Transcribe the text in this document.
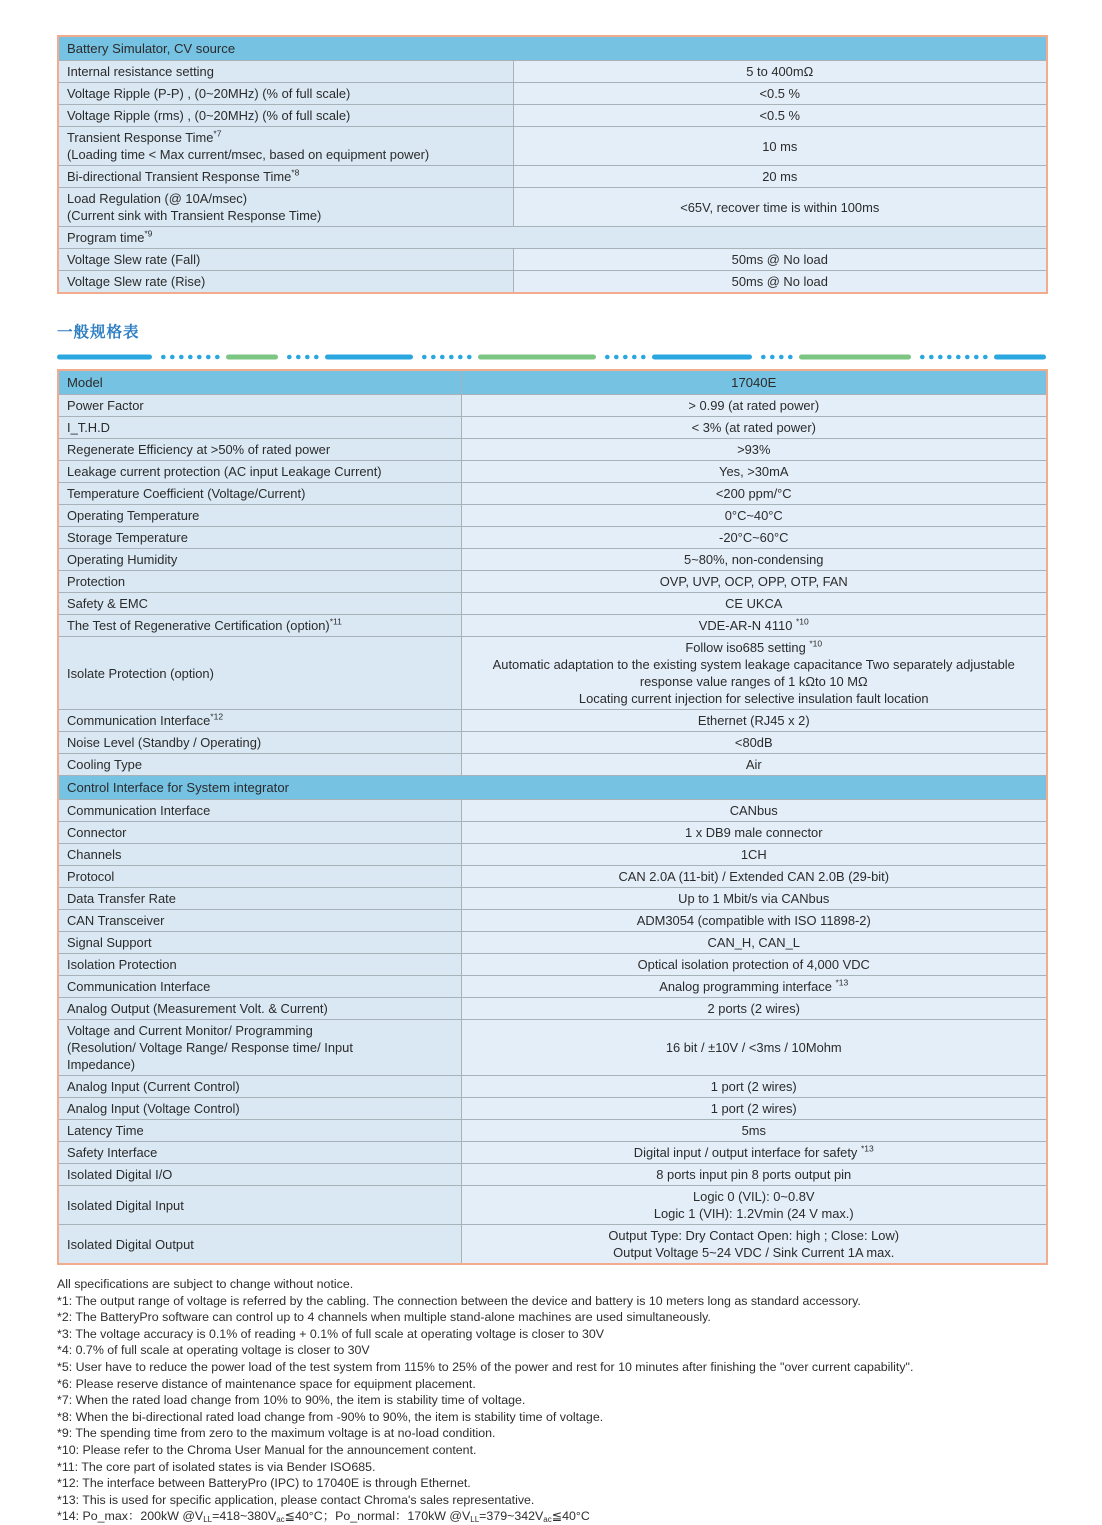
Battery Simulator, CV source	
Internal resistance setting	5 to 400mΩ
Voltage Ripple (P-P) , (0~20MHz) (% of full scale)	<0.5 %
Voltage Ripple (rms) , (0~20MHz) (% of full scale)	<0.5 %
Transient Response Time$^{*7}$
(Loading time < Max current/msec, based on equipment power)	10 ms
Bi-directional Transient Response Time$^{*8}$	20 ms
Load Regulation (@ 10A/msec)
(Current sink with Transient Response Time)	<65V, recover time is within 100ms
Program time$^{*9}$
Voltage Slew rate (Fall)	50ms @ No load
Voltage Slew rate (Rise)	50ms @ No load
一般规格表
Model	17040E
Power Factor	> 0.99 (at rated power)
I_T.H.D	< 3% (at rated power)
Regenerate Efficiency at >50% of rated power	>93%
Leakage current protection (AC input Leakage Current)	Yes, >30mA
Temperature Coefficient (Voltage/Current)	<200 ppm/°C
Operating Temperature	0°C~40°C
Storage Temperature	-20°C~60°C
Operating Humidity	5~80%, non-condensing
Protection	OVP, UVP, OCP, OPP, OTP, FAN
Safety & EMC	CE UKCA
The Test of Regenerative Certification (option)$^{*11}$	VDE-AR-N 4110 $^{*10}$
Isolate Protection (option)	Follow iso685 setting $^{*10}$
Automatic adaptation to the existing system leakage capacitance Two separately adjustable response value ranges of 1 kΩto 10 MΩ
Locating current injection for selective insulation fault location

Communication Interface$^{*12}$	Ethernet (RJ45 x 2)
Noise Level (Standby / Operating)	<80dB
Cooling Type	Air
Control Interface for System integrator	
Communication Interface	CANbus
Connector	1 x DB9 male connector
Channels	1CH
Protocol	CAN 2.0A (11-bit) / Extended CAN 2.0B (29-bit)
Data Transfer Rate	Up to 1 Mbit/s via CANbus
CAN Transceiver	ADM3054 (compatible with ISO 11898-2)
Signal Support	CAN_H, CAN_L
Isolation Protection	Optical isolation protection of 4,000 VDC
Communication Interface	Analog programming interface $^{*13}$
Analog Output (Measurement Volt. & Current)	2 ports (2 wires)
Voltage and Current Monitor/ Programming
(Resolution/ Voltage Range/ Response time/ Input
Impedance)	16 bit / ±10V / <3ms / 10Mohm
Analog Input (Current Control)	1 port (2 wires)
Analog Input (Voltage Control)	1 port (2 wires)
Latency Time	5ms
Safety Interface	Digital input / output interface for safety $^{*13}$
Isolated Digital I/O	8 ports input pin 8 ports output pin
Isolated Digital Input	Logic 0 (VIL): 0~0.8V
Logic 1 (VIH): 1.2Vmin (24 V max.)

Isolated Digital Output	Output Type: Dry Contact Open: high ; Close: Low)
Output Voltage 5~24 VDC / Sink Current 1A max.
All specifications are subject to change without notice.
*1: The output range of voltage is referred by the cabling. The connection between the device and battery is 10 meters long as standard accessory.
*2: The BatteryPro software can control up to 4 channels when multiple stand-alone machines are used simultaneously.
*3: The voltage accuracy is 0.1% of reading + 0.1% of full scale at operating voltage is closer to 30V
*4: 0.7% of full scale at operating voltage is closer to 30V
*5: User have to reduce the power load of the test system from 115% to 25% of the power and rest for 10 minutes after finishing the "over current capability".
*6: Please reserve distance of maintenance space for equipment placement.
*7: When the rated load change from 10% to 90%, the item is stability time of voltage.
*8: When the bi-directional rated load change from -90% to 90%, the item is stability time of voltage.
*9: The spending time from zero to the maximum voltage is at no-load condition.
*10: Please refer to the Chroma User Manual for the announcement content.
*11: The core part of isolated states is via Bender ISO685.
*12: The interface between BatteryPro (IPC) to 17040E is through Ethernet.
*13: This is used for specific application, please contact Chroma's sales representative.
*14: Po_max：200kW $@V_{LL}=418\sim 380V_{ac}≦40^\circ C$；Po_normal：170kW $@V_{LL}=379\sim 342V_{ac}≦40^\circ C$
